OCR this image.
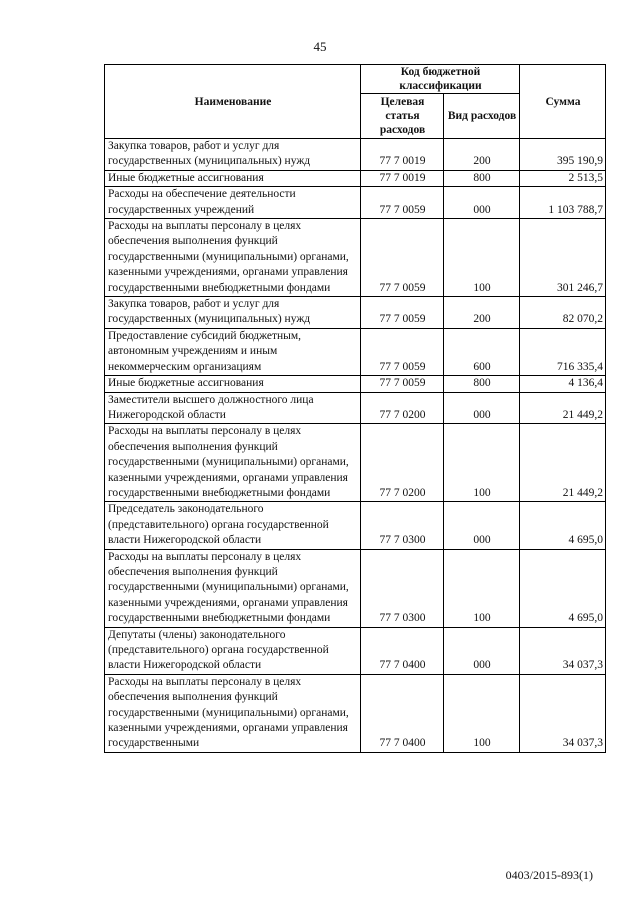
45
Наименование	Код бюджетной классификации		Сумма
	Целевая статья расходов	Вид расходов	
Закупка товаров, работ и услуг для государственных (муниципальных) нужд	77 7 0019	200	395 190,9
Иные бюджетные ассигнования	77 7 0019	800	2 513,5
Расходы на обеспечение деятельности государственных учреждений	77 7 0059	000	1 103 788,7
Расходы на выплаты персоналу в целях обеспечения выполнения функций государственными (муниципальными) органами, казенными учреждениями, органами управления государственными внебюджетными фондами	77 7 0059	100	301 246,7
Закупка товаров, работ и услуг для государственных (муниципальных) нужд	77 7 0059	200	82 070,2
Предоставление субсидий бюджетным, автономным учреждениям и иным некоммерческим организациям	77 7 0059	600	716 335,4
Иные бюджетные ассигнования	77 7 0059	800	4 136,4
Заместители высшего должностного лица Нижегородской области	77 7 0200	000	21 449,2
Расходы на выплаты персоналу в целях обеспечения выполнения функций государственными (муниципальными) органами, казенными учреждениями, органами управления государственными внебюджетными фондами	77 7 0200	100	21 449,2
Председатель законодательного (представительного) органа государственной власти Нижегородской области	77 7 0300	000	4 695,0
Расходы на выплаты персоналу в целях обеспечения выполнения функций государственными (муниципальными) органами, казенными учреждениями, органами управления государственными внебюджетными фондами	77 7 0300	100	4 695,0
Депутаты (члены) законодательного (представительного) органа государственной власти Нижегородской области	77 7 0400	000	34 037,3
Расходы на выплаты персоналу в целях обеспечения выполнения функций государственными (муниципальными) органами, казенными учреждениями, органами управления государственными	77 7 0400	100	34 037,3
0403/2015-893(1)
